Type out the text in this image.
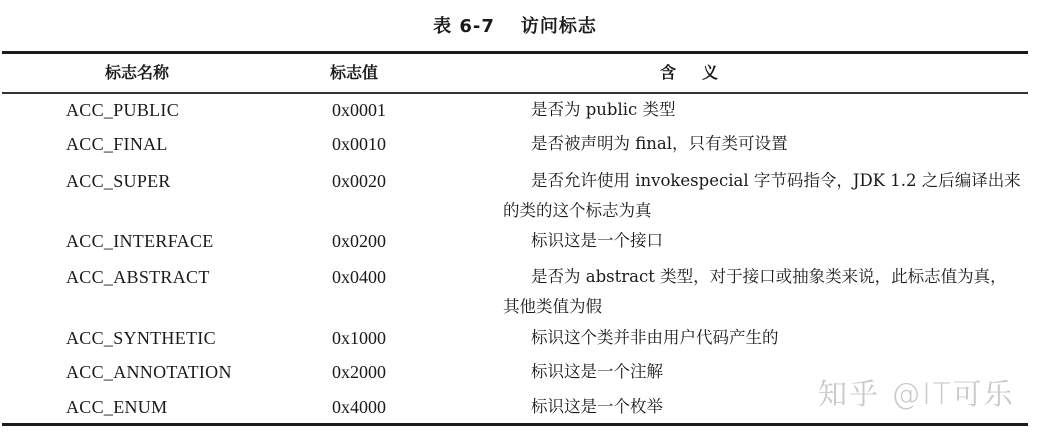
表 6-7 访问标志
标志名称	标志值	含义
ACC_PUBLIC	0x0001	是否为 public 类型
ACC_FINAL	0x0010	是否被声明为 final，只有类可设置
ACC_SUPER	0x0020	是否允许使用 invokespecial 字节码指令，JDK 1.2 之后编译出来的类的这个标志为真
ACC_INTERFACE	0x0200	标识这是一个接口
ACC_ABSTRACT	0x0400	是否为 abstract 类型，对于接口或抽象类来说，此标志值为真，其他类值为假
ACC_SYNTHETIC	0x1000	标识这个类并非由用户代码产生的
ACC_ANNOTATION	0x2000	标识这是一个注解
ACC_ENUM	0x4000	标识这是一个枚举	知乎 @IT可乐
